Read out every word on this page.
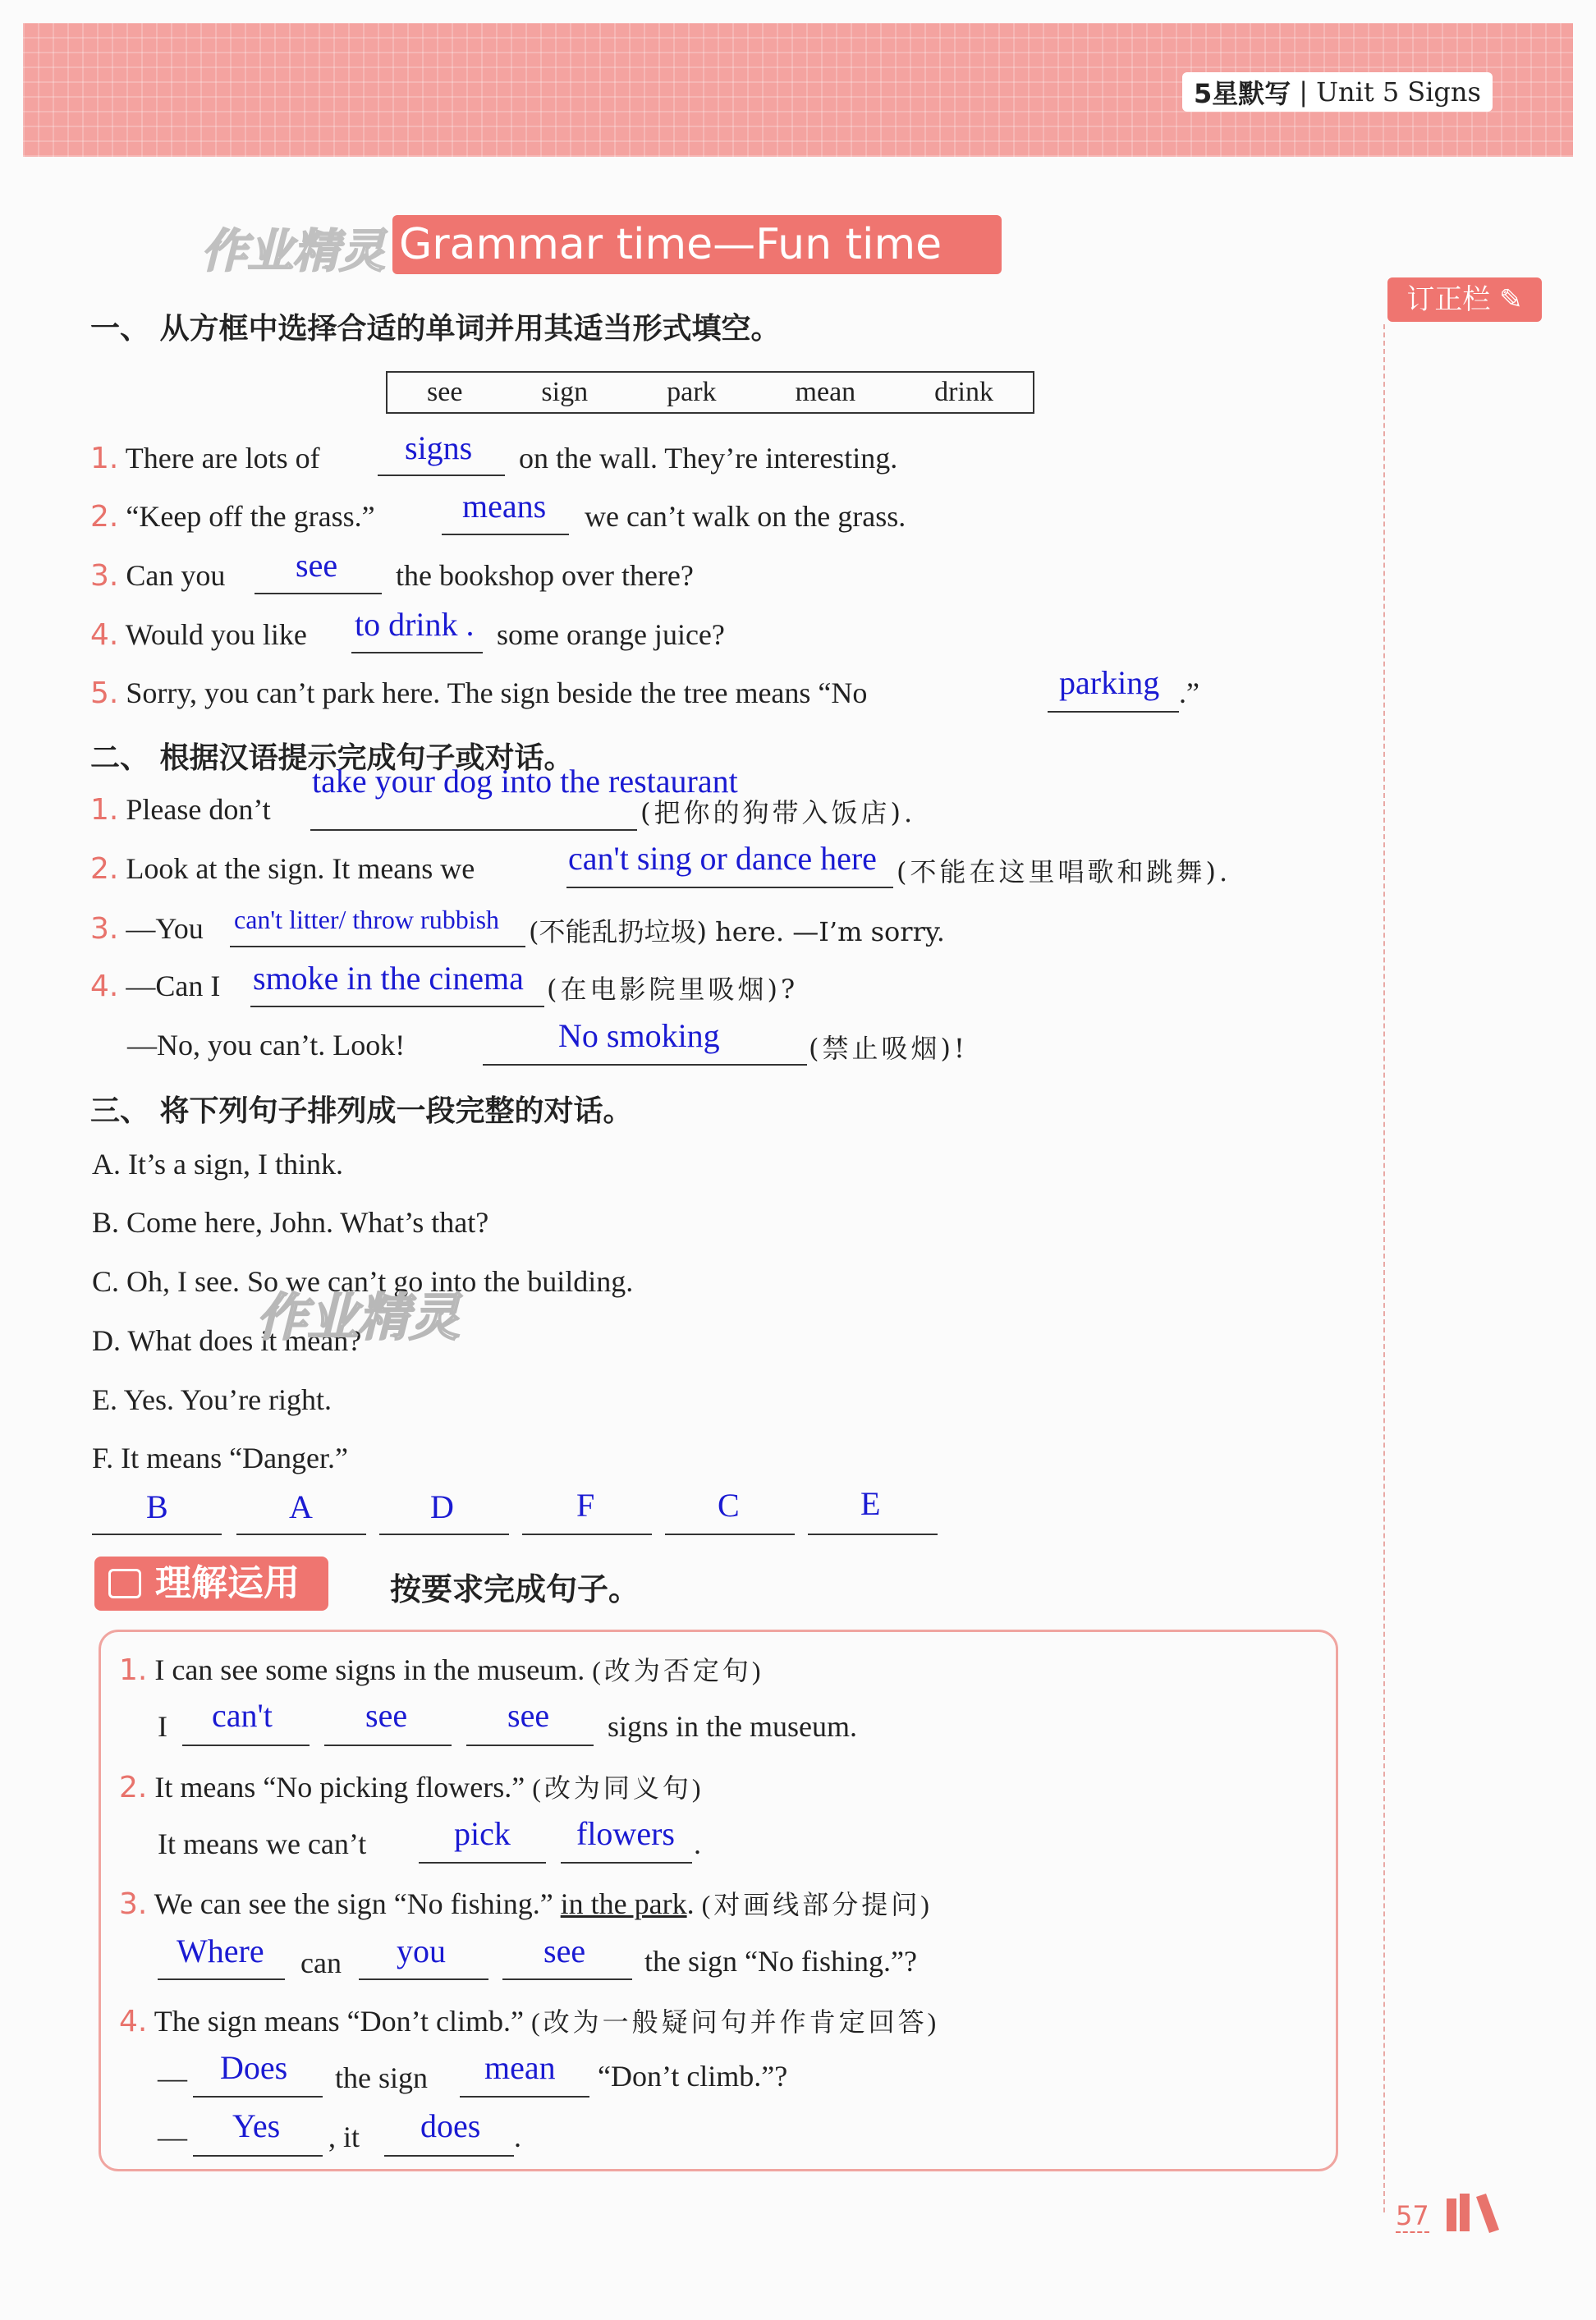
5星默写 | Unit 5 Signs
作业精灵 Grammar time—Fun time
订正栏 ✎
一、 从方框中选择合适的单词并用其适当形式填空。
see	sign	park	mean	drink
1. There are lots of	signs on the wall. They’re interesting.
2. “Keep off the grass.”	means we can’t walk on the grass.
3. Can you see the bookshop over there?
4. Would you like to drink . some orange juice?
5. Sorry, you can’t park here. The sign beside the tree means “No	parking .”
二、 根据汉语提示完成句子或对话。
1. Please don’t
take your dog into the restaurant
(把你的狗带入饭店).
2. Look at the sign. It means we	can't sing or dance here (不能在这里唱歌和跳舞).
3. —You can't litter/ throw rubbish (不能乱扔垃圾) here. —I’m sorry.
4. —Can I smoke in the cinema (在电影院里吸烟)?
—No, you can’t. Look!	No smoking	(禁止吸烟)!
三、 将下列句子排列成一段完整的对话。
A. It’s a sign, I think.
B. Come here, John. What’s that?
C. Oh, I see. So we can’t go into the building.
D. What does it mean?
E. Yes. You’re right.
F. It means “Danger.”
作业精灵
B	A	D	F	C	E
理解运用	按要求完成句子。
1. I can see some signs in the museum. (改为否定句)
I can't	see	see signs in the museum.
2. It means “No picking flowers.” (改为同义句)
It means we can’t	pick flowers .
3. We can see the sign “No fishing.” in the park. (对画线部分提问)
Where can you	see the sign “No fishing.”?
4. The sign means “Don’t climb.” (改为一般疑问句并作肯定回答)
— Does the sign mean “Don’t climb.”?
— Yes , it does .
57
